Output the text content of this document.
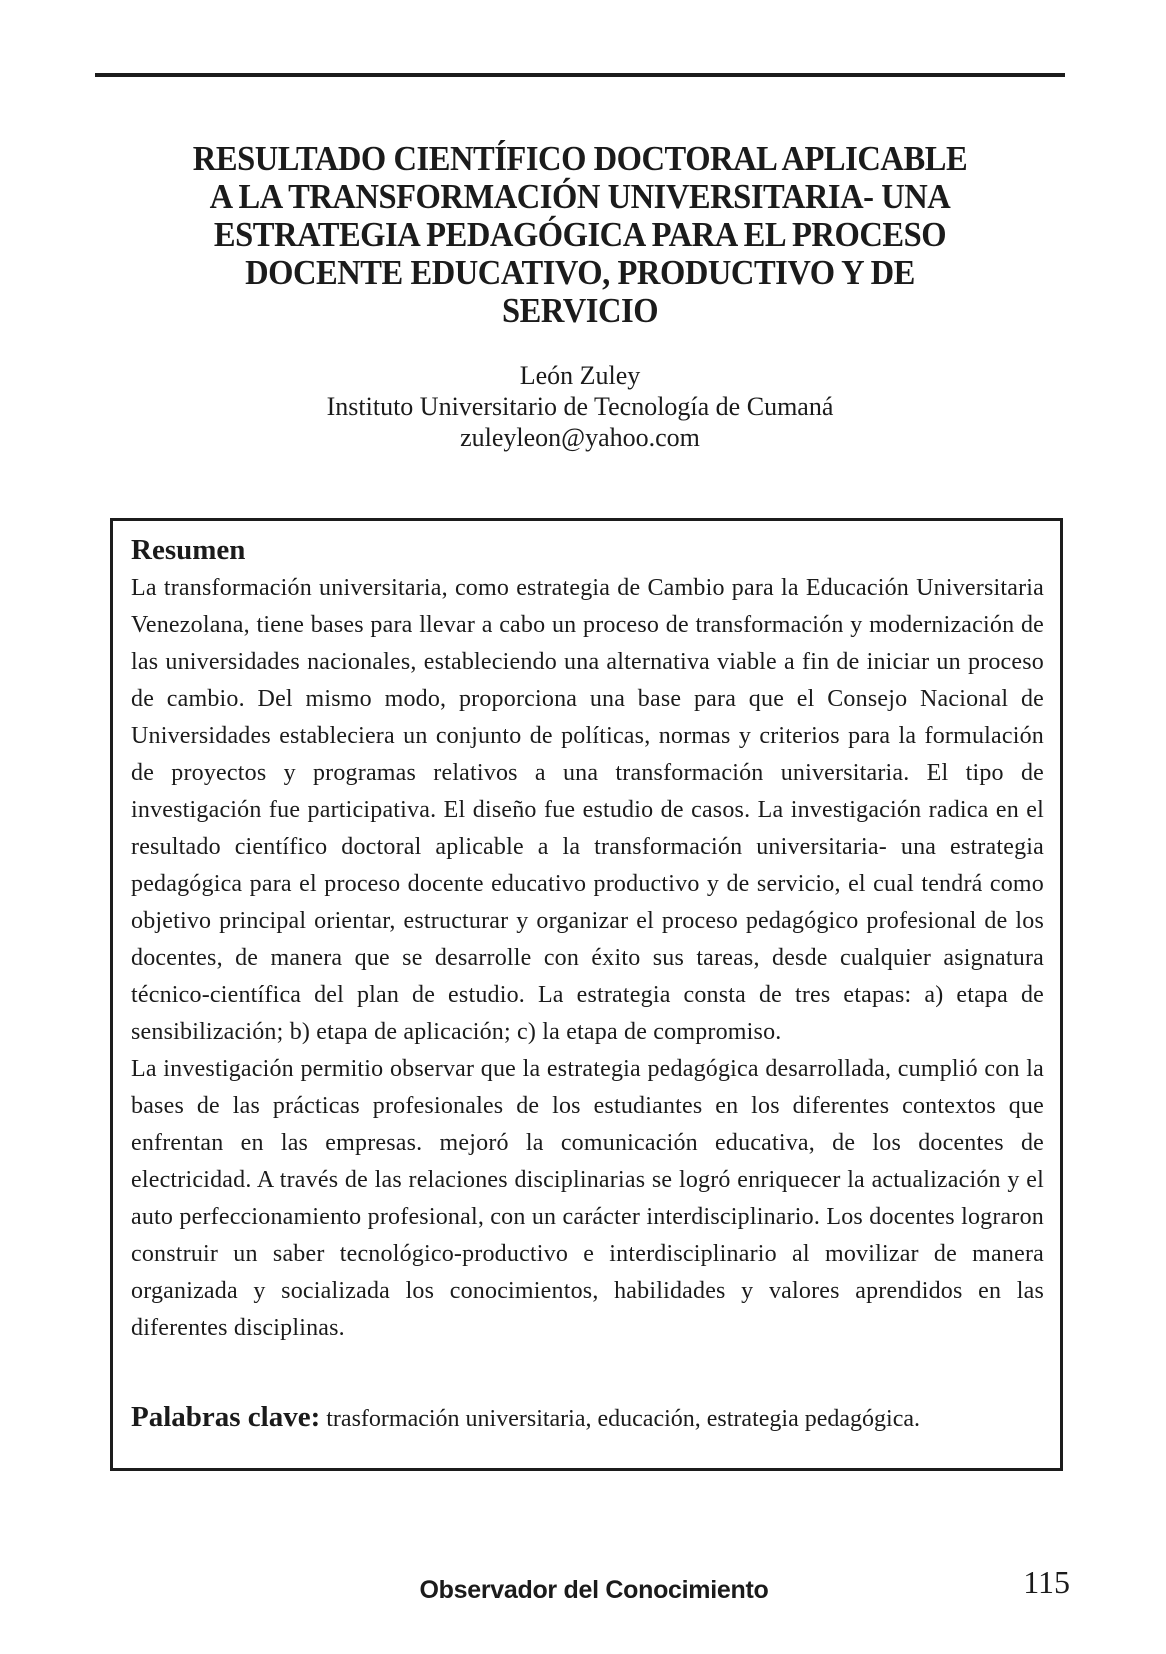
RESULTADO CIENTÍFICO DOCTORAL APLICABLE
A LA TRANSFORMACIÓN UNIVERSITARIA- UNA
ESTRATEGIA PEDAGÓGICA PARA EL PROCESO
DOCENTE EDUCATIVO, PRODUCTIVO Y DE
SERVICIO
León Zuley
Instituto Universitario de Tecnología de Cumaná
zuleyleon@yahoo.com
Resumen

La transformación universitaria, como estrategia de Cambio para la Educación Universitaria Venezolana, tiene bases para llevar a cabo un proceso de transformación y modernización de las universidades nacionales, estableciendo una alternativa viable a fin de iniciar un proceso de cambio. Del mismo modo, proporciona una base para que el Consejo Nacional de Universidades estableciera un conjunto de políticas, normas y criterios para la formulación de proyectos y programas relativos a una transformación universitaria. El tipo de investigación fue participativa. El diseño fue estudio de casos. La investigación radica en el resultado científico doctoral aplicable a la transformación universitaria- una estrategia pedagógica para el proceso docente educativo productivo y de servicio, el cual tendrá como objetivo principal orientar, estructurar y organizar el proceso pedagógico profesional de los docentes, de manera que se desarrolle con éxito sus tareas, desde cualquier asignatura técnico-científica del plan de estudio. La estrategia consta de tres etapas: a) etapa de sensibilización; b) etapa de aplicación; c) la etapa de compromiso.

La investigación permitio observar que la estrategia pedagógica desarrollada, cumplió con la bases de las prácticas profesionales de los estudiantes en los diferentes contextos que enfrentan en las empresas. mejoró la comunicación educativa, de los docentes de electricidad. A través de las relaciones disciplinarias se logró enriquecer la actualización y el auto perfeccionamiento profesional, con un carácter interdisciplinario. Los docentes lograron construir un saber tecnológico-productivo e interdisciplinario al movilizar de manera organizada y socializada los conocimientos, habilidades y valores aprendidos en las diferentes disciplinas.

Palabras clave: trasformación universitaria, educación, estrategia pedagógica.

Observador del Conocimiento	115
